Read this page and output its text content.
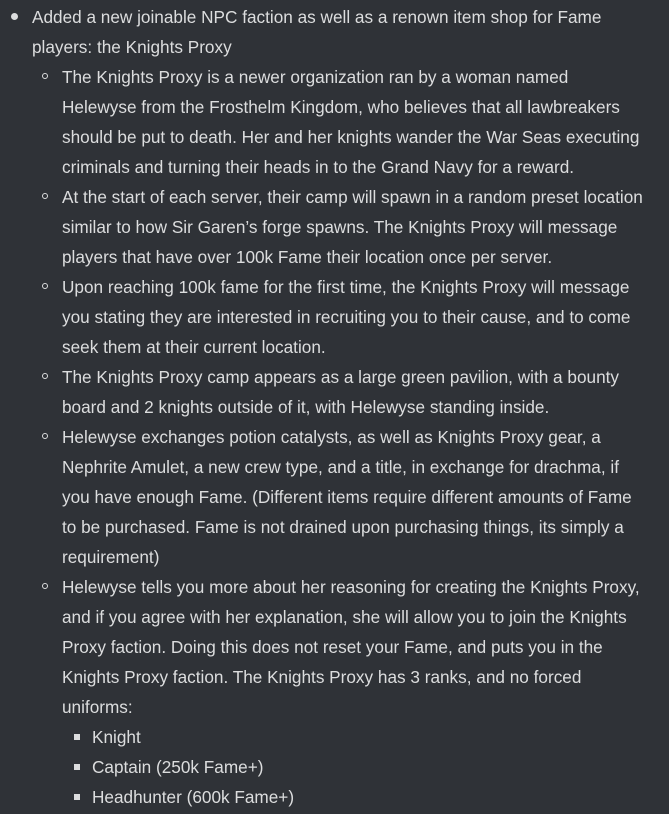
Added a new joinable NPC faction as well as a renown item shop for Fame players: the Knights Proxy
The Knights Proxy is a newer organization ran by a woman named Helewyse from the Frosthelm Kingdom, who believes that all lawbreakers should be put to death. Her and her knights wander the War Seas executing criminals and turning their heads in to the Grand Navy for a reward.
At the start of each server, their camp will spawn in a random preset location similar to how Sir Garen’s forge spawns. The Knights Proxy will message players that have over 100k Fame their location once per server.
Upon reaching 100k fame for the first time, the Knights Proxy will message you stating they are interested in recruiting you to their cause, and to come seek them at their current location.
The Knights Proxy camp appears as a large green pavilion, with a bounty board and 2 knights outside of it, with Helewyse standing inside.
Helewyse exchanges potion catalysts, as well as Knights Proxy gear, a Nephrite Amulet, a new crew type, and a title, in exchange for drachma, if you have enough Fame. (Different items require different amounts of Fame to be purchased. Fame is not drained upon purchasing things, its simply a requirement)
Helewyse tells you more about her reasoning for creating the Knights Proxy, and if you agree with her explanation, she will allow you to join the Knights Proxy faction. Doing this does not reset your Fame, and puts you in the Knights Proxy faction. The Knights Proxy has 3 ranks, and no forced uniforms:
Knight
Captain (250k Fame+)
Headhunter (600k Fame+)
